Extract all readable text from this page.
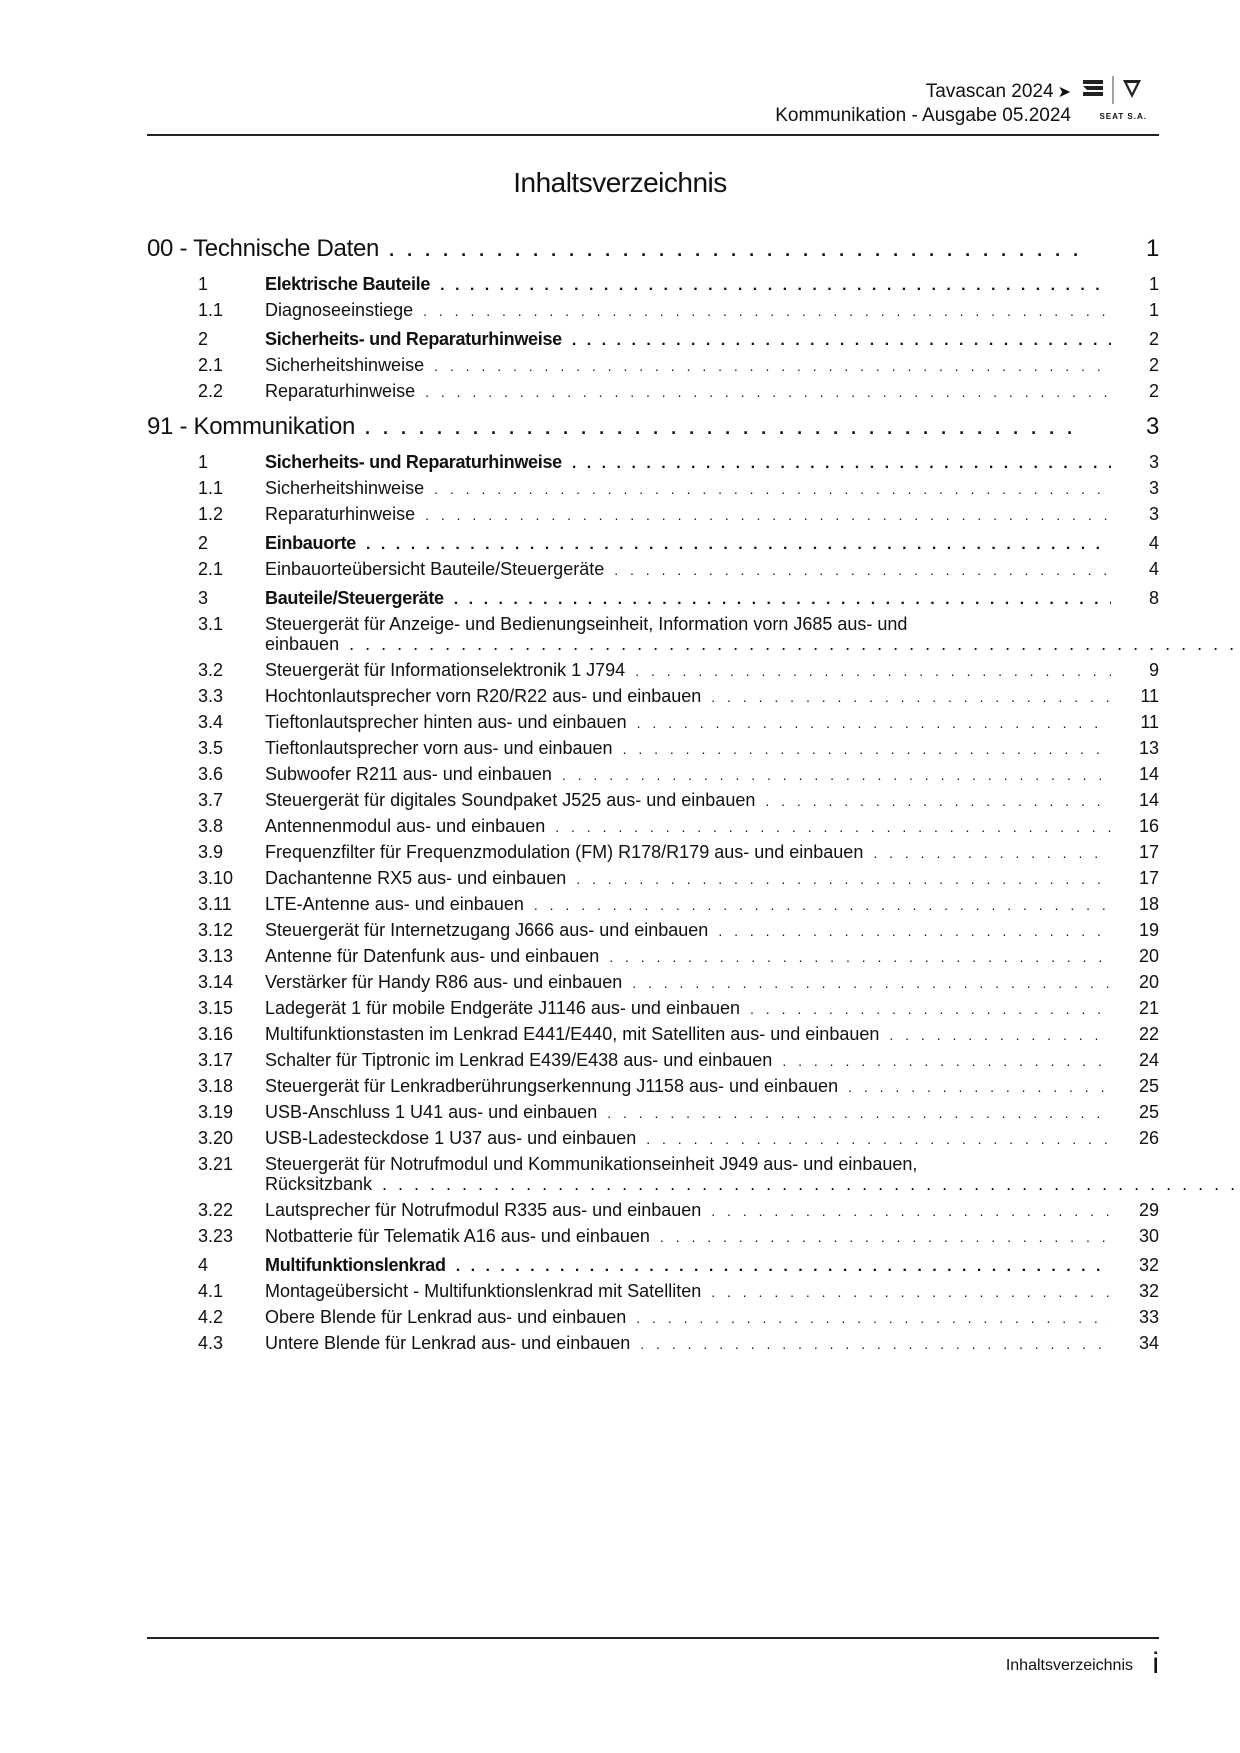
Tavascan 2024 ➤
Kommunikation - Ausgabe 05.2024	SEAT S.A.
Inhaltsverzeichnis
00 - Technische Daten . . .	1
1	Elektrische Bauteile . . .	1
1.1	Diagnoseeinstiege . . .	1
2	Sicherheits- und Reparaturhinweise . . .	2
2.1	Sicherheitshinweise . . .	2
2.2	Reparaturhinweise . . .	2
91 - Kommunikation . . .	3
1	Sicherheits- und Reparaturhinweise . . .	3
1.1	Sicherheitshinweise . . .	3
1.2	Reparaturhinweise . . .	3
2	Einbauorte . . .	4
2.1	Einbauorteübersicht Bauteile/Steuergeräte . . .	4
3	Bauteile/Steuergeräte . . .	8
3.1	Steuergerät für Anzeige- und Bedienungseinheit, Information vorn J685 aus- und
einbauen
. . .
3.2	Steuergerät für Informationselektronik 1 J794 . . .	9
3.3	Hochtonlautsprecher vorn R20/R22 aus- und einbauen . . .	11
3.4	Tieftonlautsprecher hinten aus- und einbauen . . .	11
3.5	Tieftonlautsprecher vorn aus- und einbauen . . .	13
3.6	Subwoofer R211 aus- und einbauen . . .	14
3.7	Steuergerät für digitales Soundpaket J525 aus- und einbauen . . .	14
3.8	Antennenmodul aus- und einbauen . . .	16
3.9	Frequenzfilter für Frequenzmodulation (FM) R178/R179 aus- und einbauen . . .	17
3.10	Dachantenne RX5 aus- und einbauen . . .	17
3.11	LTE-Antenne aus- und einbauen . . .	18
3.12	Steuergerät für Internetzugang J666 aus- und einbauen . . .	19
3.13	Antenne für Datenfunk aus- und einbauen . . .	20
3.14	Verstärker für Handy R86 aus- und einbauen . . .	20
3.15	Ladegerät 1 für mobile Endgeräte J1146 aus- und einbauen . . .	21
3.16	Multifunktionstasten im Lenkrad E441/E440, mit Satelliten aus- und einbauen . . .	22
3.17	Schalter für Tiptronic im Lenkrad E439/E438 aus- und einbauen . . .	24
3.18	Steuergerät für Lenkradberührungserkennung J1158 aus- und einbauen . . .	25
3.19	USB-Anschluss 1 U41 aus- und einbauen . . .	25
3.20	USB-Ladesteckdose 1 U37 aus- und einbauen . . .	26
3.21	Steuergerät für Notrufmodul und Kommunikationseinheit J949 aus- und einbauen,
Rücksitzbank
. . .
3.22	Lautsprecher für Notrufmodul R335 aus- und einbauen . . .	29
3.23	Notbatterie für Telematik A16 aus- und einbauen . . .	30
4	Multifunktionslenkrad . . .	32
4.1	Montageübersicht - Multifunktionslenkrad mit Satelliten . . .	32
4.2	Obere Blende für Lenkrad aus- und einbauen . . .	33
4.3	Untere Blende für Lenkrad aus- und einbauen . . .	34
Inhaltsverzeichnis i
